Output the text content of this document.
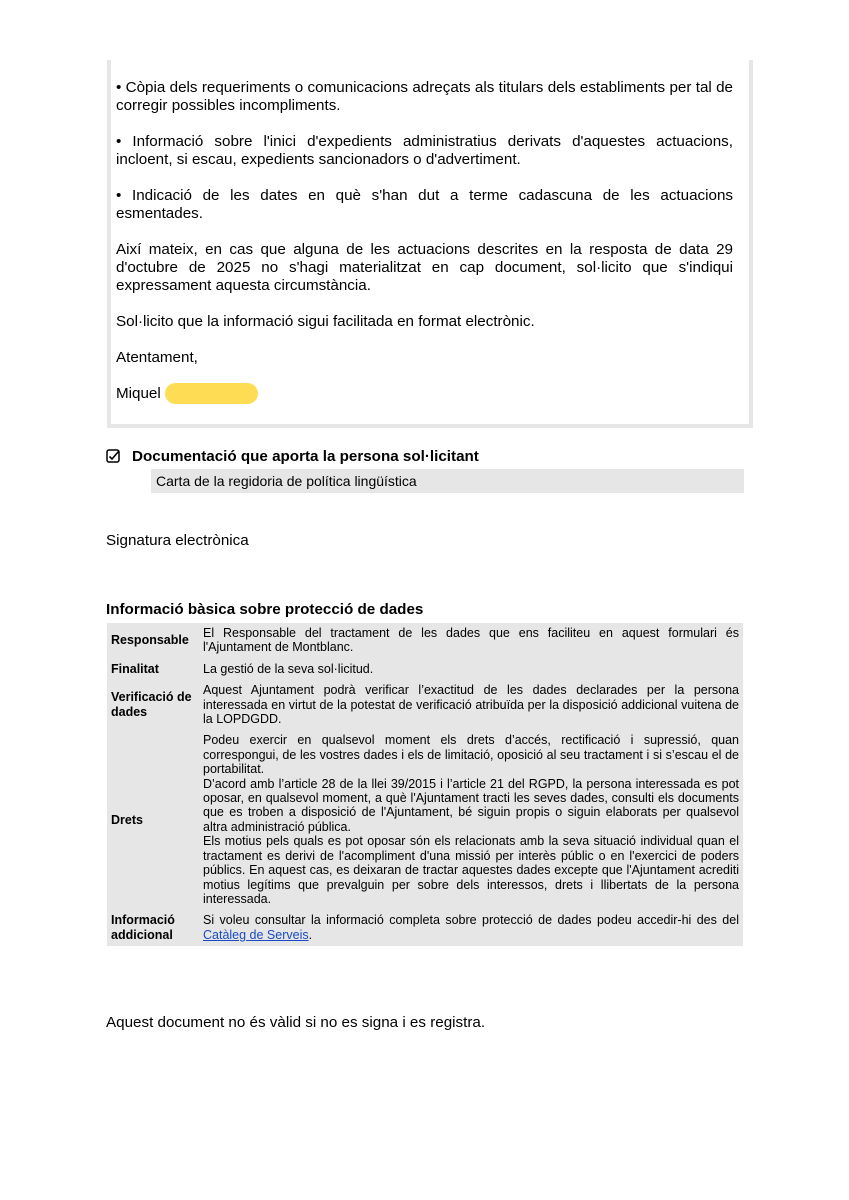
• Còpia dels requeriments o comunicacions adreçats als titulars dels establiments per tal de corregir possibles incompliments.

• Informació sobre l'inici d'expedients administratius derivats d'aquestes actuacions, incloent, si escau, expedients sancionadors o d'advertiment.

• Indicació de les dates en què s'han dut a terme cadascuna de les actuacions esmentades.

Així mateix, en cas que alguna de les actuacions descrites en la resposta de data 29 d'octubre de 2025 no s'hagi materialitzat en cap document, sol·licito que s'indiqui expressament aquesta circumstància.

Sol·licito que la informació sigui facilitada en format electrònic.

Atentament,

Miquel
Documentació que aporta la persona sol·licitant
Carta de la regidoria de política lingüística
Signatura electrònica
Informació bàsica sobre protecció de dades
Responsable	El Responsable del tractament de les dades que ens faciliteu en aquest formulari és l'Ajuntament de Montblanc.
Finalitat	La gestió de la seva sol·licitud.
Verificació de dades	Aquest Ajuntament podrà verificar l’exactitud de les dades declarades per la persona interessada en virtut de la potestat de verificació atribuïda per la disposició addicional vuitena de la LOPDGDD.
Drets	Podeu exercir en qualsevol moment els drets d’accés, rectificació i supressió, quan correspongui, de les vostres dades i els de limitació, oposició al seu tractament i si s’escau el de portabilitat.
D’acord amb l’article 28 de la llei 39/2015 i l’article 21 del RGPD, la persona interessada es pot oposar, en qualsevol moment, a què l'Ajuntament tracti les seves dades, consulti els documents que es troben a disposició de l'Ajuntament, bé siguin propis o siguin elaborats per qualsevol altra administració pública.
Els motius pels quals es pot oposar són els relacionats amb la seva situació individual quan el tractament es derivi de l'acompliment d'una missió per interès públic o en l'exercici de poders públics. En aquest cas, es deixaran de tractar aquestes dades excepte que l'Ajuntament acrediti motius legítims que prevalguin per sobre dels interessos, drets i llibertats de la persona interessada.

Informació addicional	Si voleu consultar la informació completa sobre protecció de dades podeu accedir-hi des del Catàleg de Serveis.
Aquest document no és vàlid si no es signa i es registra.
